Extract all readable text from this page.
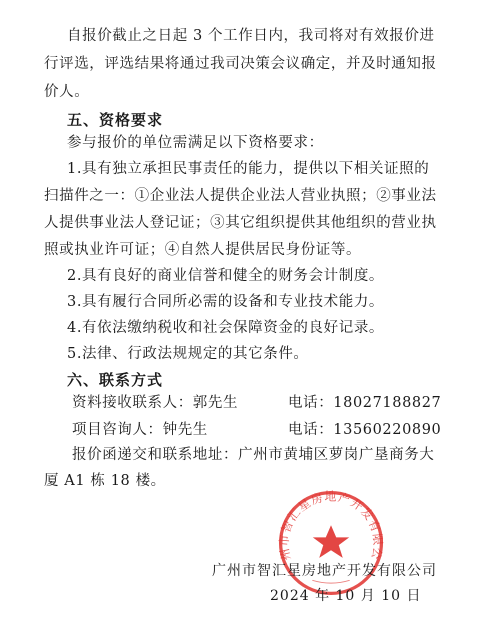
自报价截止之日起 3 个工作日内，我司将对有效报价进
行评选，评选结果将通过我司决策会议确定，并及时通知报
价人。
五、资格要求
参与报价的单位需满足以下资格要求：
1.具有独立承担民事责任的能力，提供以下相关证照的
扫描件之一：①企业法人提供企业法人营业执照；②事业法
人提供事业法人登记证；③其它组织提供其他组织的营业执
照或执业许可证；④自然人提供居民身份证等。
2.具有良好的商业信誉和健全的财务会计制度。
3.具有履行合同所必需的设备和专业技术能力。
4.有依法缴纳税收和社会保障资金的良好记录。
5.法律、行政法规规定的其它条件。
六、联系方式
资料接收联系人：郭先生	电话：18027188827
项目咨询人：钟先生	电话：13560220890
报价函递交和联系地址：广州市黄埔区萝岗广垦商务大
厦 A1 栋 18 楼。
州市智汇星房地产开发有限公
广州市智汇星房地产开发有限公司
2024 年 10 月 10 日
